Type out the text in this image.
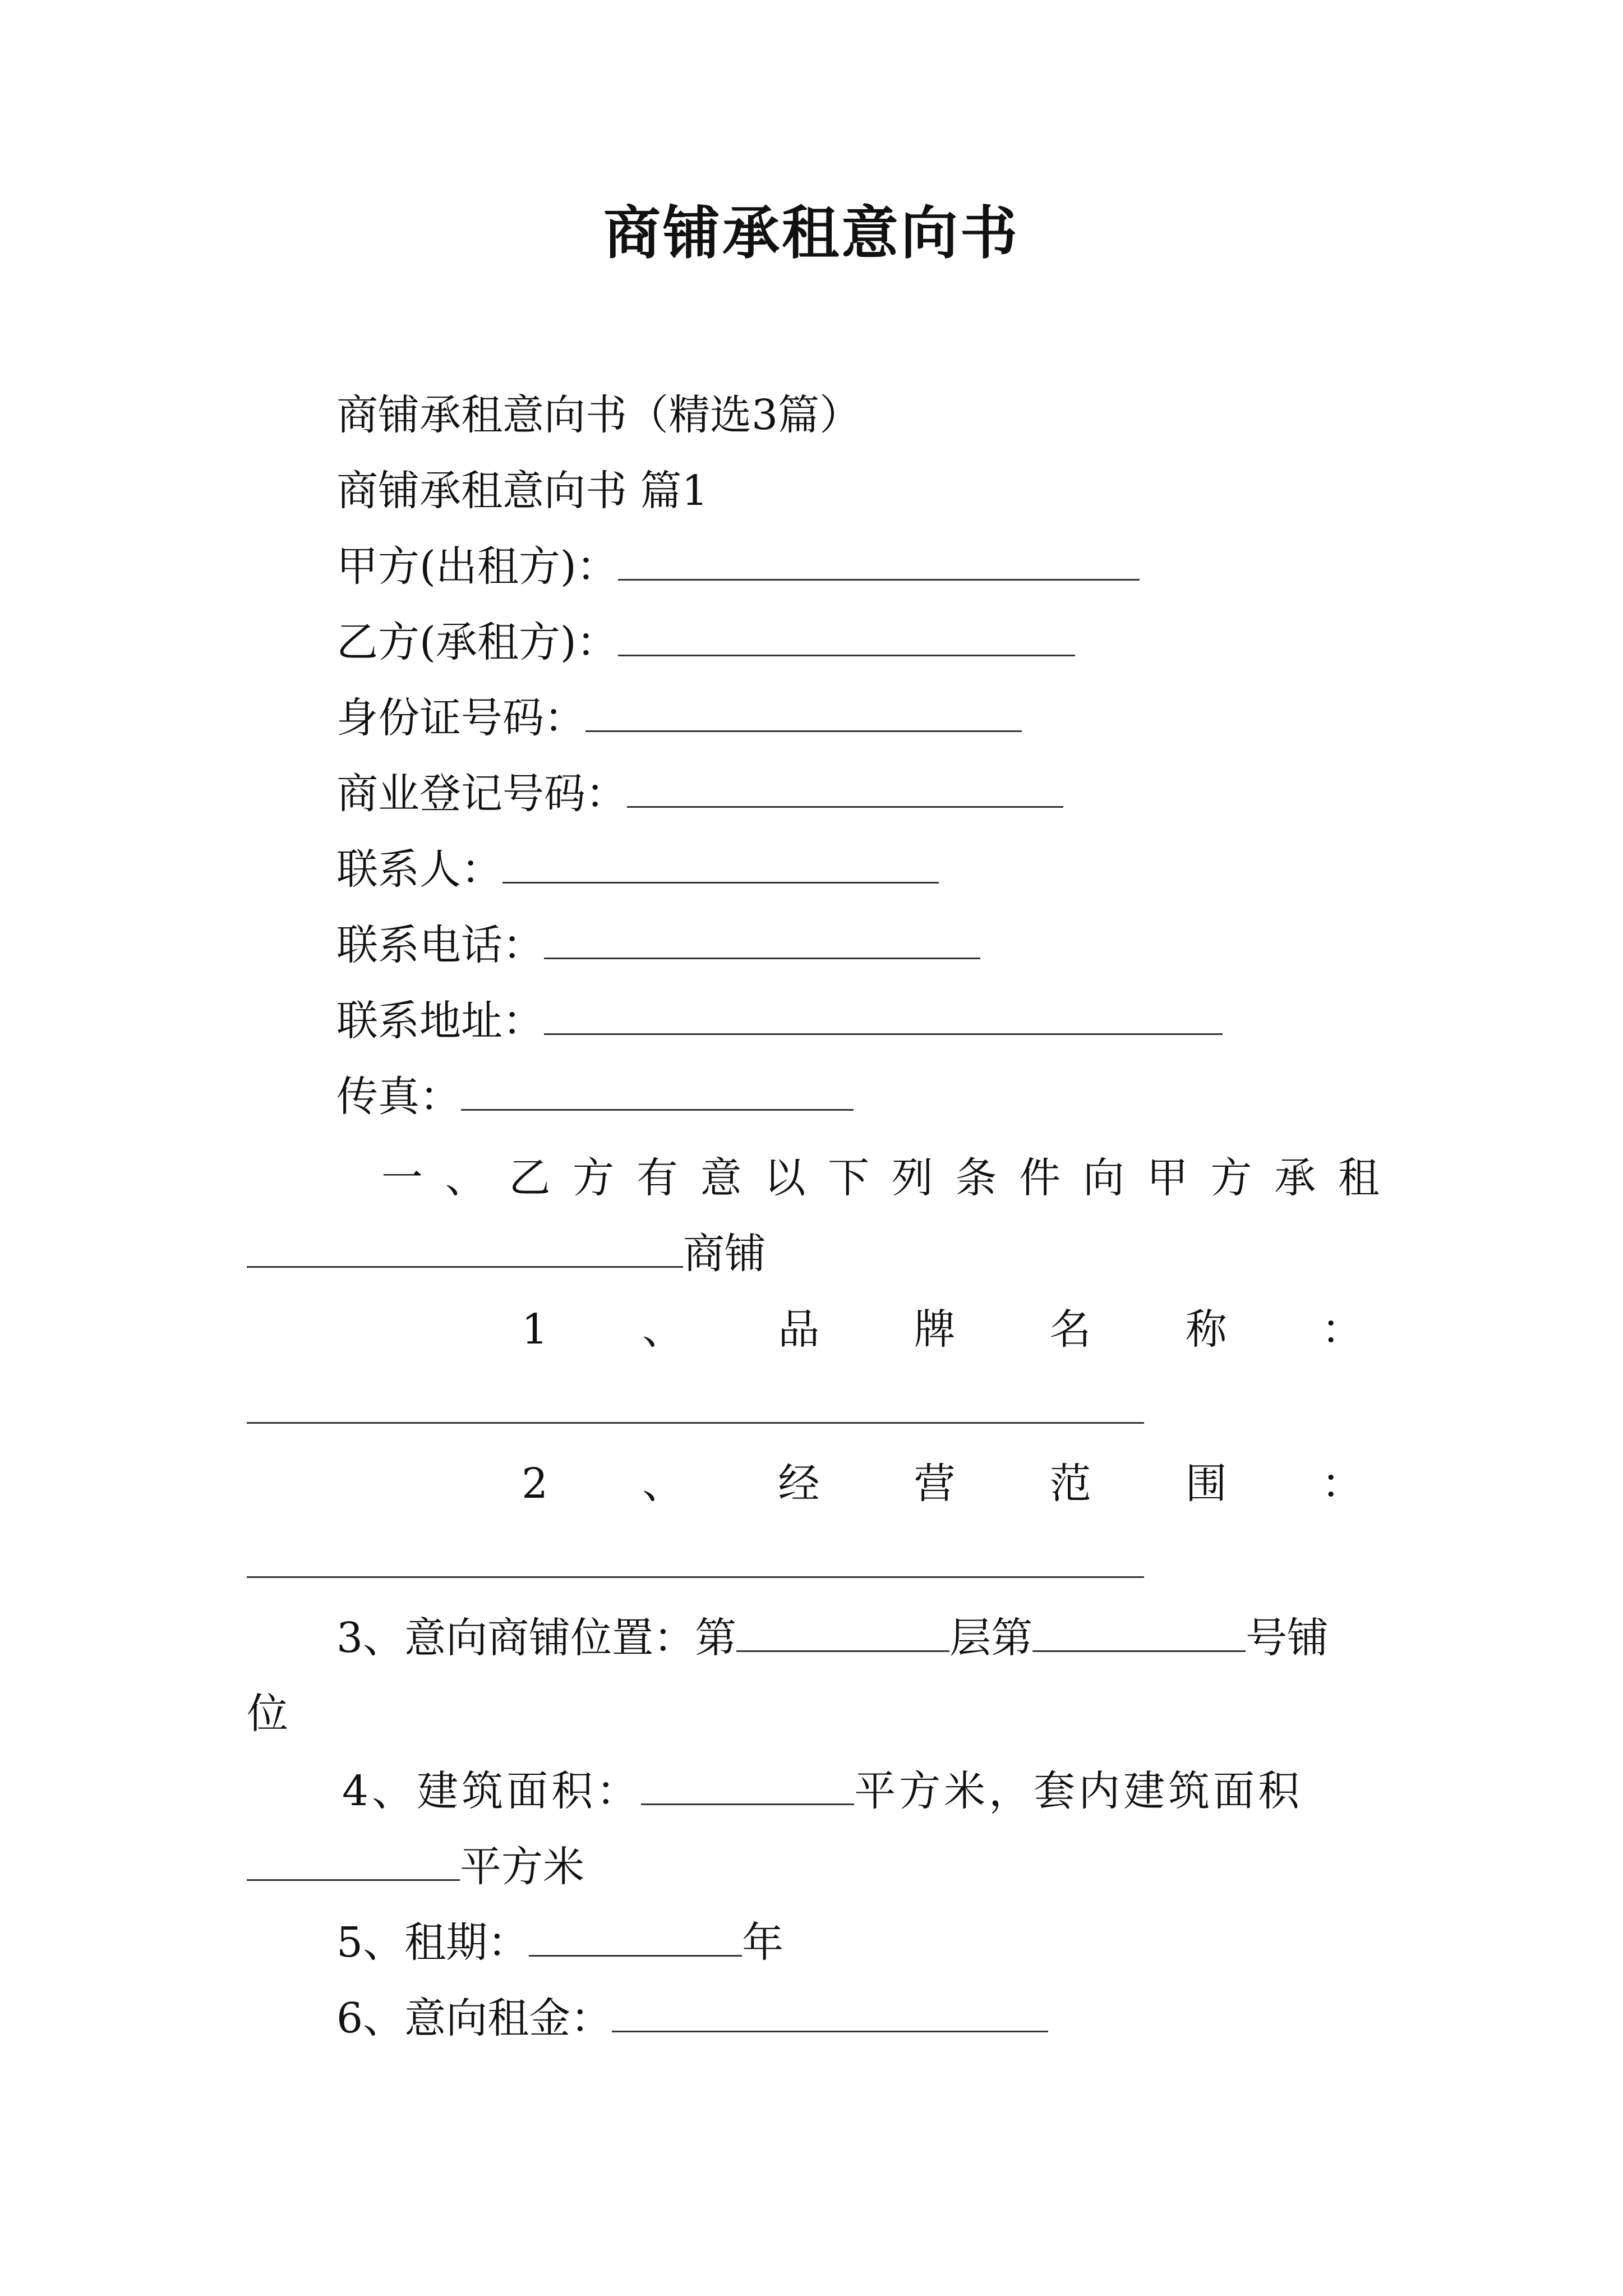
商铺承租意向书
商铺承租意向书（精选3篇）
商铺承租意向书 篇1
甲方(出租方)：
乙方(承租方)：
身份证号码：
商业登记号码：
联系人：
联系电话：
联系地址：
传真：
一 、 乙 方 有 意 以 下 列 条 件 向 甲 方 承 租
商铺
1 、 品 牌 名 称 ：
2 、 经 营 范 围 ：
3、意向商铺位置：第	层第	号铺
位
4、建筑面积：	平方米，套内建筑面积
平方米
5、租期：	年
6、意向租金：
